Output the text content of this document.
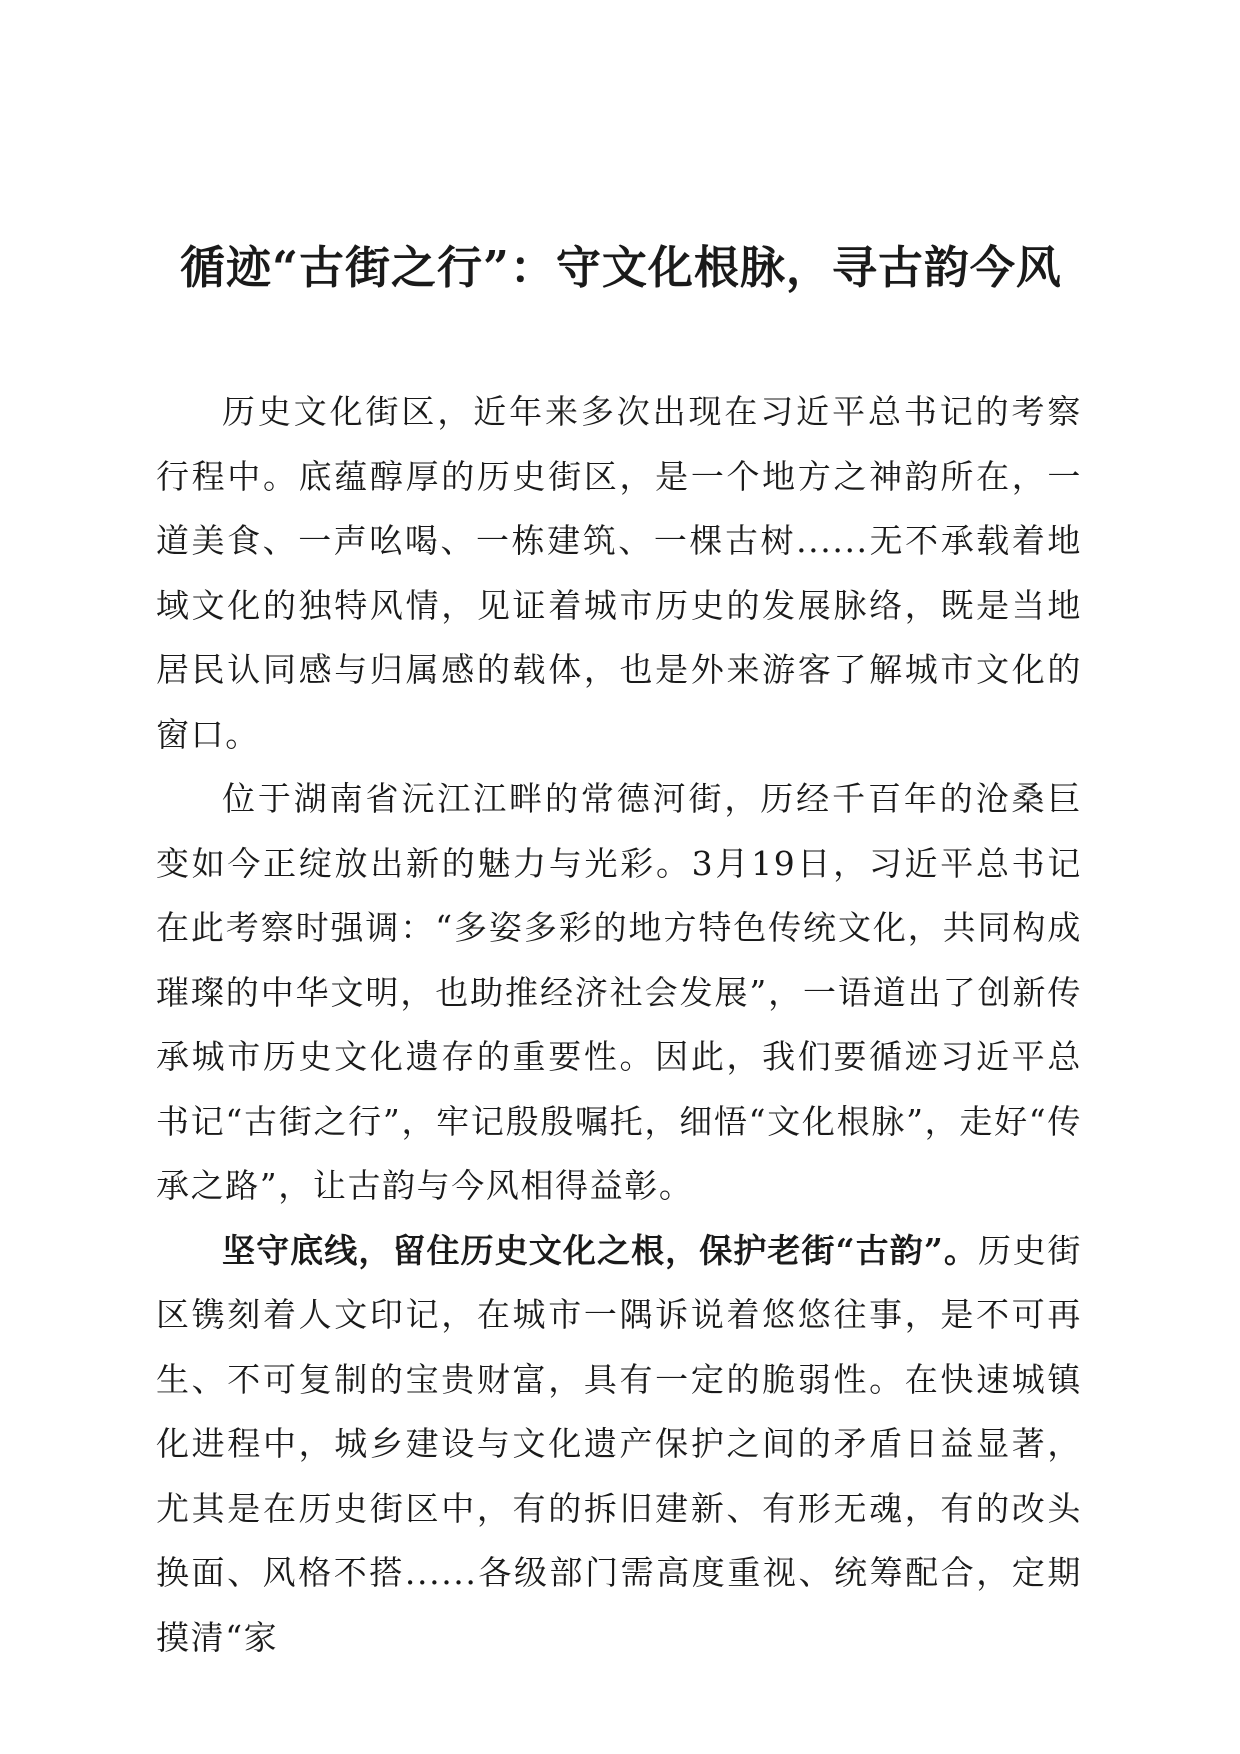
循迹“古街之行”：守文化根脉，寻古韵今风

历史文化街区，近年来多次出现在习近平总书记的考察行程中。底蕴醇厚的历史街区，是一个地方之神韵所在，一道美食、一声吆喝、一栋建筑、一棵古树......无不承载着地域文化的独特风情，见证着城市历史的发展脉络，既是当地居民认同感与归属感的载体，也是外来游客了解城市文化的窗口。

位于湖南省沅江江畔的常德河街，历经千百年的沧桑巨变如今正绽放出新的魅力与光彩。3月19日，习近平总书记在此考察时强调：“多姿多彩的地方特色传统文化，共同构成璀璨的中华文明，也助推经济社会发展”，一语道出了创新传承城市历史文化遗存的重要性。因此，我们要循迹习近平总书记“古街之行”，牢记殷殷嘱托，细悟“文化根脉”，走好“传承之路”，让古韵与今风相得益彰。

坚守底线，留住历史文化之根，保护老街“古韵”。历史街区镌刻着人文印记，在城市一隅诉说着悠悠往事，是不可再生、不可复制的宝贵财富，具有一定的脆弱性。在快速城镇化进程中，城乡建设与文化遗产保护之间的矛盾日益显著，尤其是在历史街区中，有的拆旧建新、有形无魂，有的改头换面、风格不搭......各级部门需高度重视、统筹配合，定期摸清“家
